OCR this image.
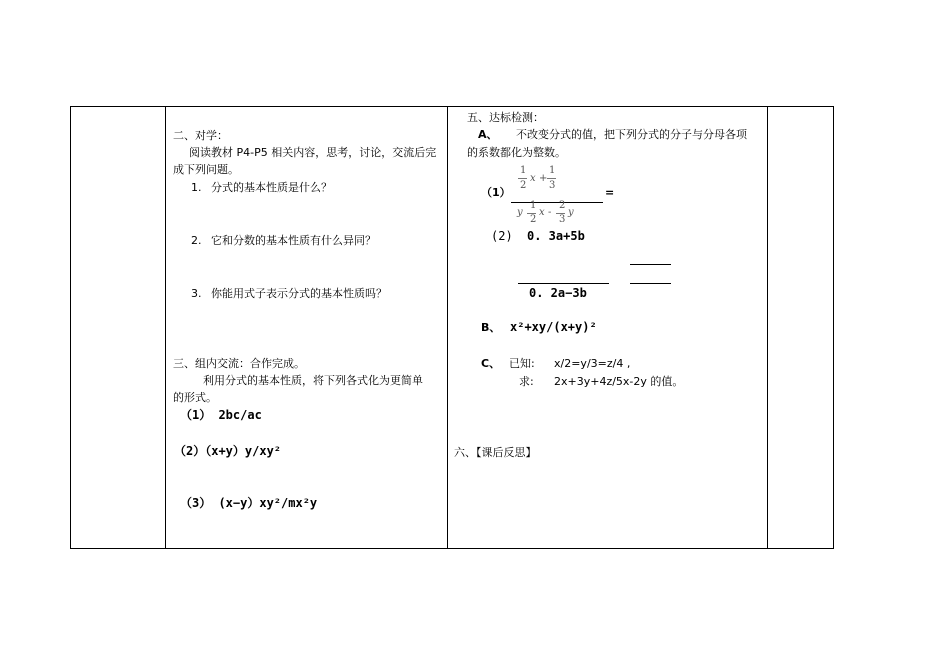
二、对学：
阅读教材 P4-P5 相关内容，思考，讨论，交流后完
成下列问题。
1. 分式的基本性质是什么？
2. 它和分数的基本性质有什么异同？
3. 你能用式子表示分式的基本性质吗？
三、组内交流：合作完成。
利用分式的基本性质，将下列各式化为更简单
的形式。
（1） 2bc/ac
（2）（x+y）y/xy²
（3） (x−y）xy²/mx²y
五、达标检测：
A、 不改变分式的值，把下列分式的分子与分母各项
的系数都化为整数。
（1）
1
2
x +
1
3
y
1
2
x -
2
3
y
=
(2) 0. 3a+5b
0. 2a−3b
B、 x²+xy/(x+y)²
C、 已知: x/2=y/3=z/4 ,
求: 2x+3y+4z/5x-2y 的值。
六、【课后反思】
